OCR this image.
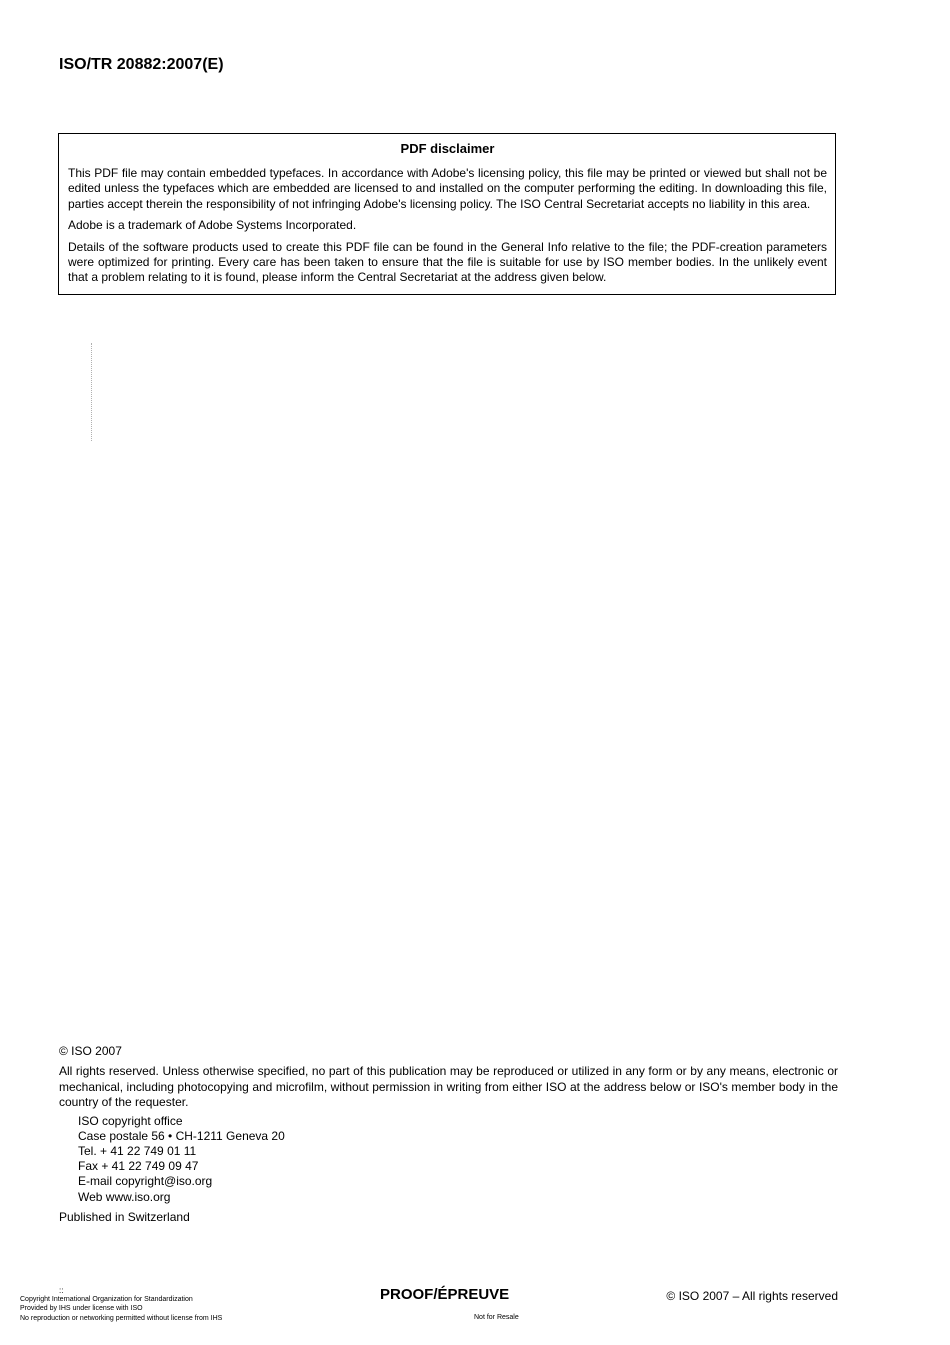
ISO/TR 20882:2007(E)
PDF disclaimer

This PDF file may contain embedded typefaces. In accordance with Adobe's licensing policy, this file may be printed or viewed but shall not be edited unless the typefaces which are embedded are licensed to and installed on the computer performing the editing. In downloading this file, parties accept therein the responsibility of not infringing Adobe's licensing policy. The ISO Central Secretariat accepts no liability in this area.

Adobe is a trademark of Adobe Systems Incorporated.

Details of the software products used to create this PDF file can be found in the General Info relative to the file; the PDF-creation parameters were optimized for printing. Every care has been taken to ensure that the file is suitable for use by ISO member bodies. In the unlikely event that a problem relating to it is found, please inform the Central Secretariat at the address given below.

© ISO 2007

All rights reserved. Unless otherwise specified, no part of this publication may be reproduced or utilized in any form or by any means, electronic or mechanical, including photocopying and microfilm, without permission in writing from either ISO at the address below or ISO's member body in the country of the requester.

ISO copyright office
Case postale 56 • CH-1211 Geneva 20
Tel. + 41 22 749 01 11
Fax + 41 22 749 09 47
E-mail copyright@iso.org
Web www.iso.org
Published in Switzerland
::
Copyright International Organization for Standardization
Provided by IHS under license with ISO
No reproduction or networking permitted without license from IHS
PROOF/ÉPREUVE
Not for Resale
© ISO 2007 – All rights reserved
